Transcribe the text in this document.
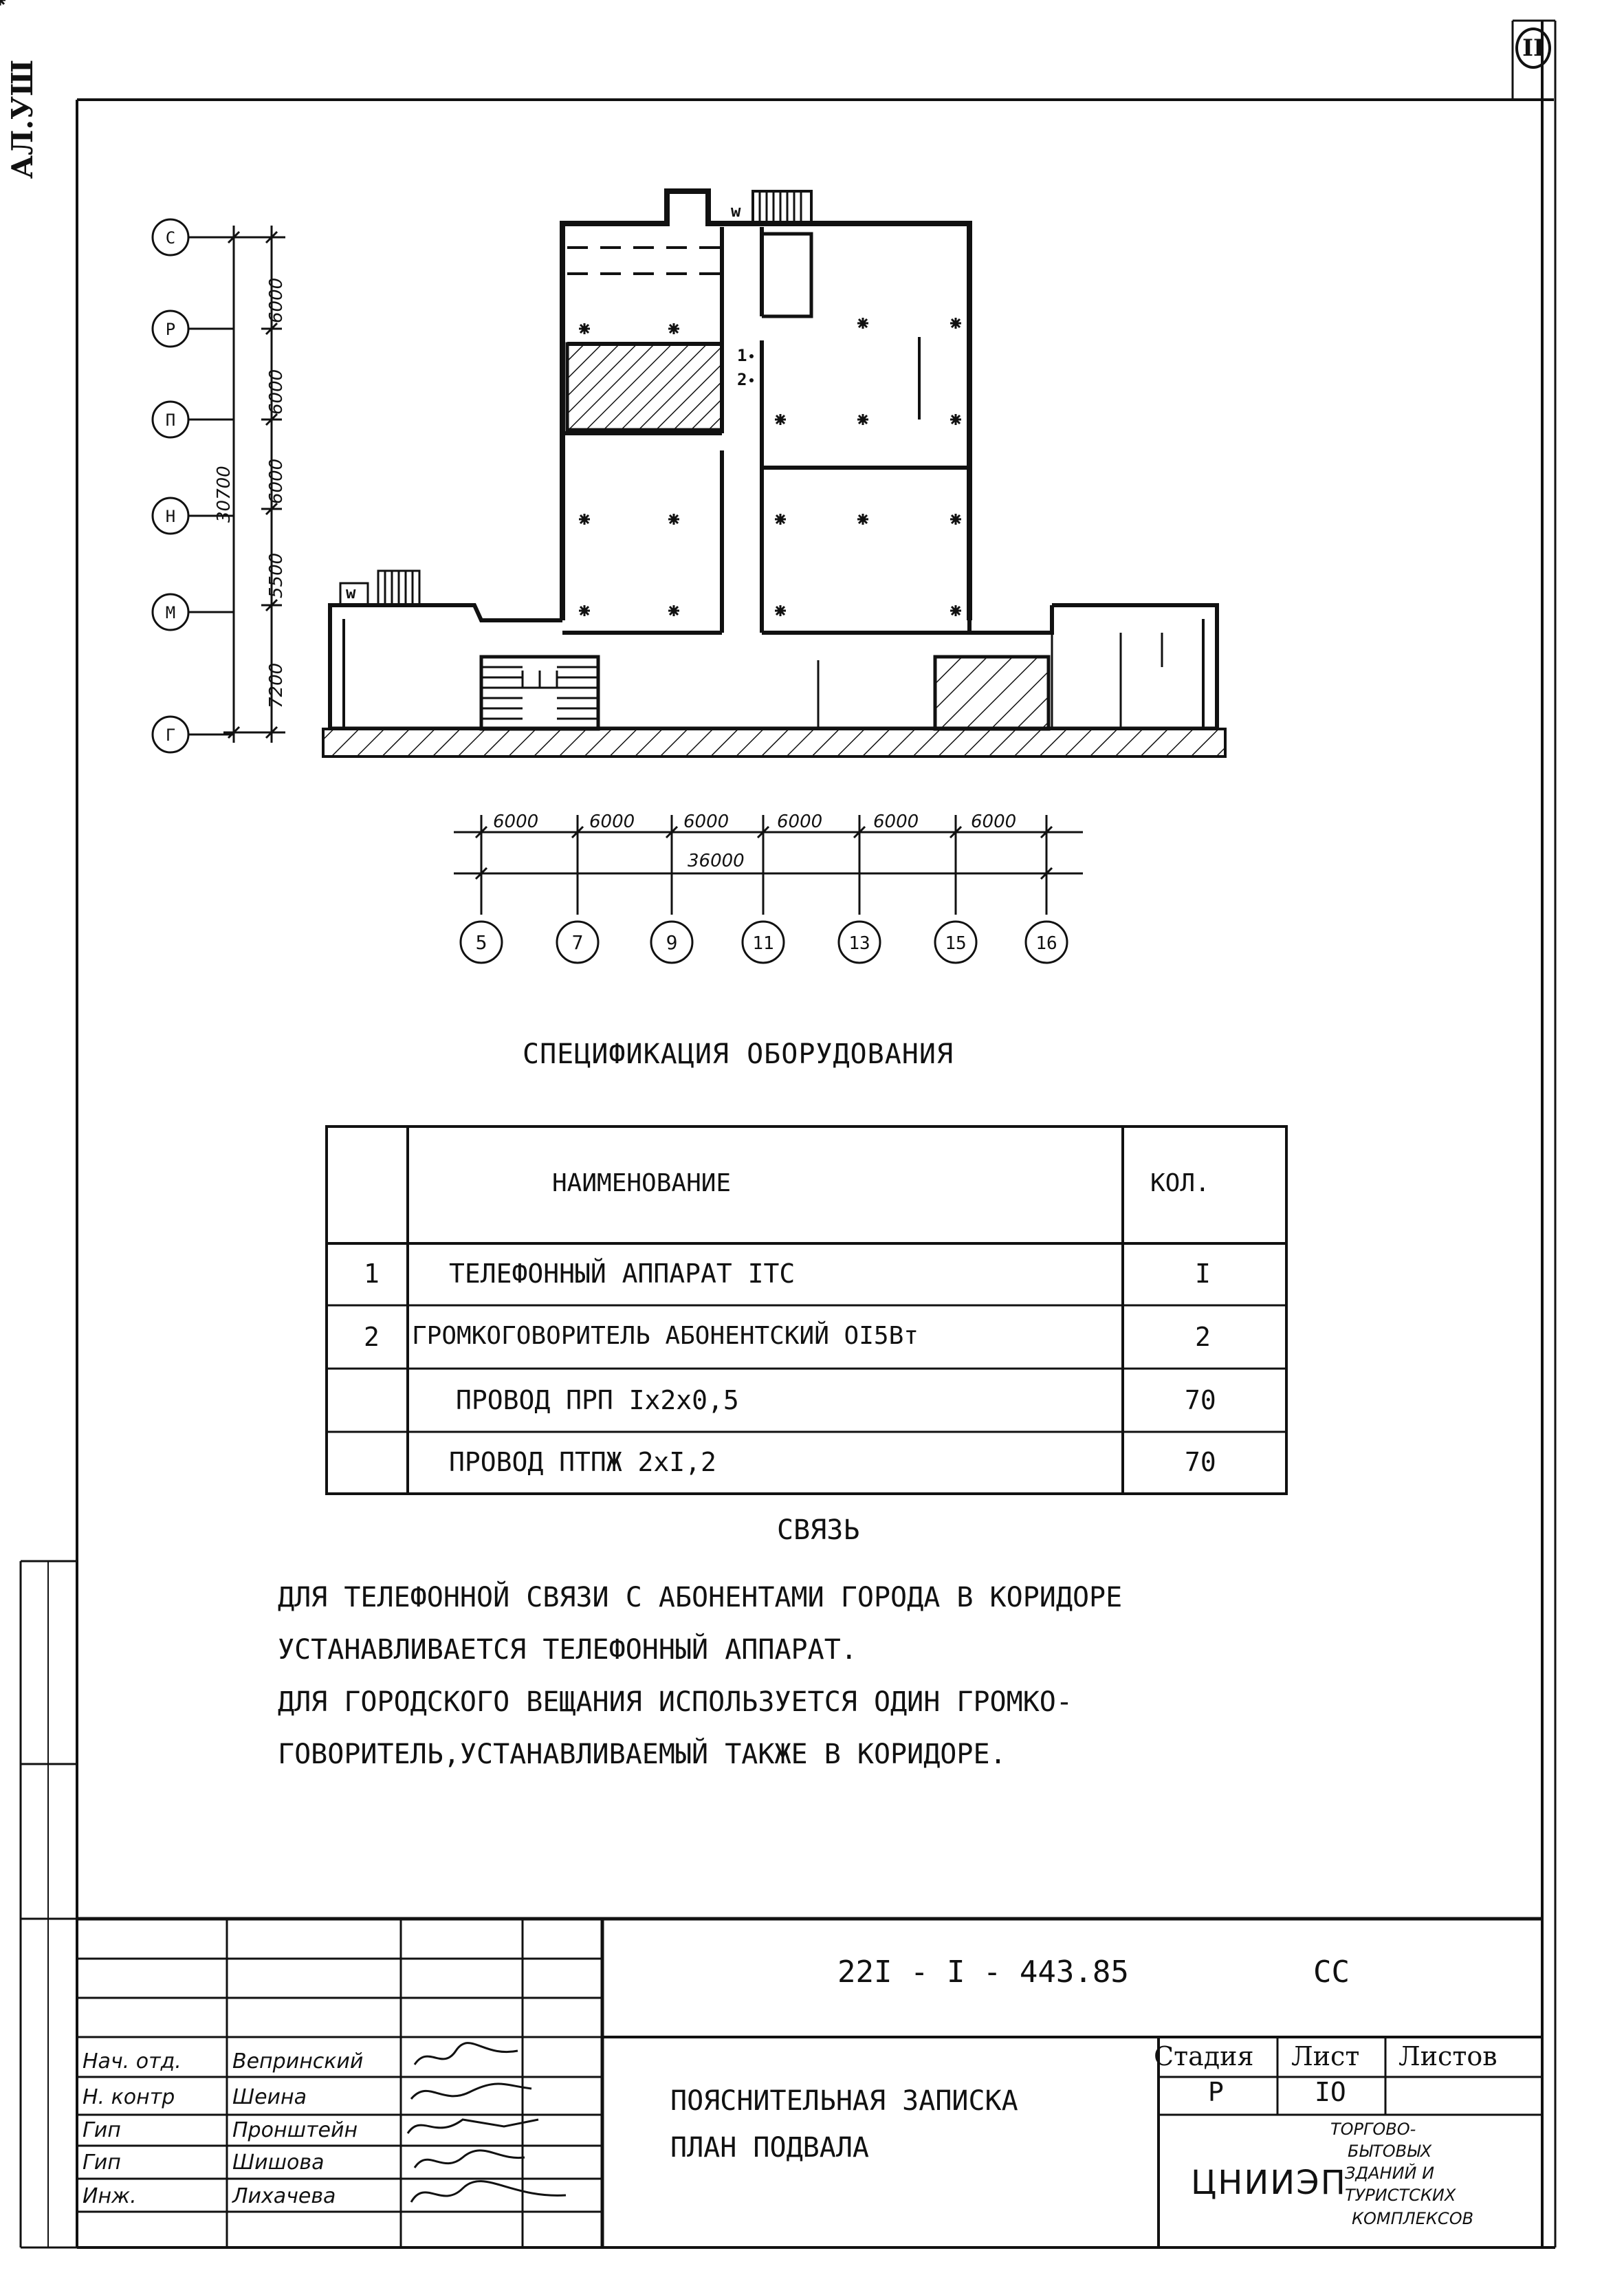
II
АЛ.УШ
w
w
1
2
С
Р
П
Н
М
Г
6000
6000
6000
5500
7200
30700
6000	6000	6000	6000	6000	6000
36000
5	7	9	11	13	15	16
СПЕЦИФИКАЦИЯ ОБОРУДОВАНИЯ
НАИМЕНОВАНИЕ	КОЛ.
1	ТЕЛЕФОННЫЙ АППАРАТ ITC	I
2 ГРОМКОГОВОРИТЕЛЬ АБОНЕНТСКИЙ OI5Вт	2
ПРОВОД ПРП Ix2x0,5	70
ПРОВОД ПТПЖ 2xI,2	70
СВЯЗЬ
ДЛЯ ТЕЛЕФОННОЙ СВЯЗИ С АБОНЕНТАМИ ГОРОДА В КОРИДОРЕ
УСТАНАВЛИВАЕТСЯ ТЕЛЕФОННЫЙ АППАРАТ.
ДЛЯ ГОРОДСКОГО ВЕЩАНИЯ ИСПОЛЬЗУЕТСЯ ОДИН ГРОМКО-
ГОВОРИТЕЛЬ,УСТАНАВЛИВАЕМЫЙ ТАКЖЕ В КОРИДОРЕ.
22I - I - 443.85	СС
Нач. отд. Вепринский
Н. контр	Шеина
Гип	Пронштейн
Гип	Шишова
Инж.	Лихачева
ПОЯСНИТЕЛЬНАЯ ЗАПИСКА
ПЛАН ПОДВАЛА
Стадия Лист Листов
Р	IO
ЦНИИЭП
ТОРГОВО-
БЫТОВЫХ
ЗДАНИЙ И
ТУРИСТСКИХ
КОМПЛЕКСОВ
